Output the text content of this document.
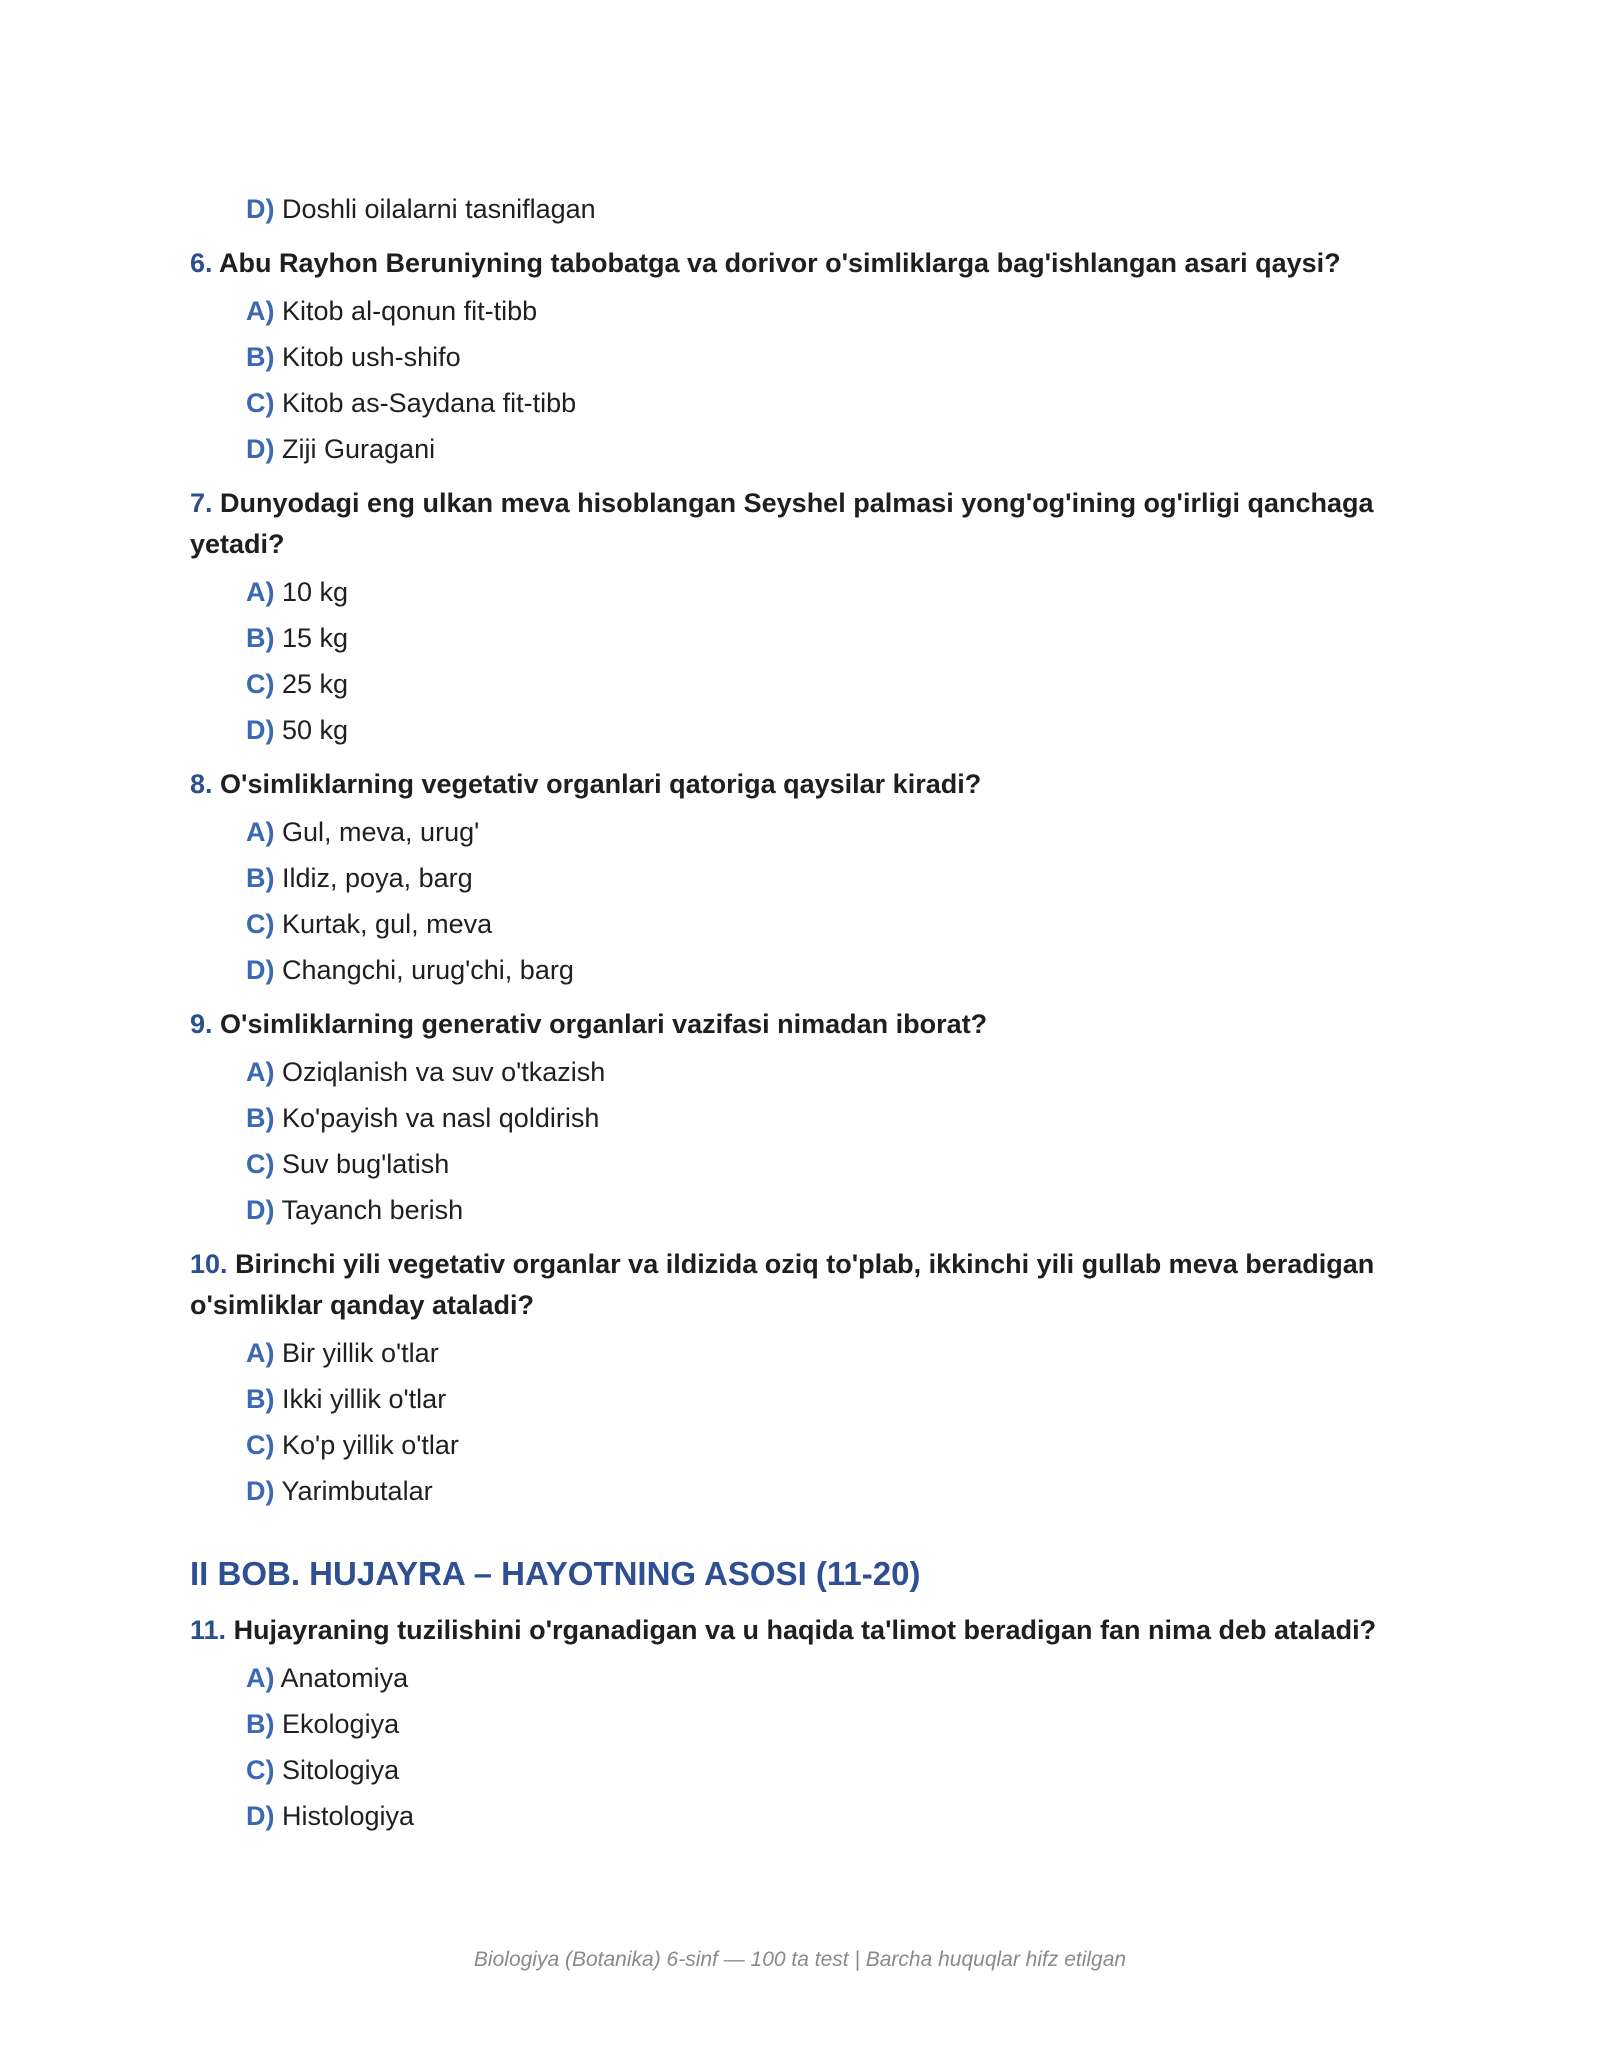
D) Doshli oilalarni tasniflagan
6. Abu Rayhon Beruniyning tabobatga va dorivor o'simliklarga bag'ishlangan asari qaysi?
A) Kitob al-qonun fit-tibb
B) Kitob ush-shifo
C) Kitob as-Saydana fit-tibb
D) Ziji Guragani
7. Dunyodagi eng ulkan meva hisoblangan Seyshel palmasi yong'og'ining og'irligi qanchaga yetadi?
A) 10 kg
B) 15 kg
C) 25 kg
D) 50 kg
8. O'simliklarning vegetativ organlari qatoriga qaysilar kiradi?
A) Gul, meva, urug'
B) Ildiz, poya, barg
C) Kurtak, gul, meva
D) Changchi, urug'chi, barg
9. O'simliklarning generativ organlari vazifasi nimadan iborat?
A) Oziqlanish va suv o'tkazish
B) Ko'payish va nasl qoldirish
C) Suv bug'latish
D) Tayanch berish
10. Birinchi yili vegetativ organlar va ildizida oziq to'plab, ikkinchi yili gullab meva beradigan o'simliklar qanday ataladi?
A) Bir yillik o'tlar
B) Ikki yillik o'tlar
C) Ko'p yillik o'tlar
D) Yarimbutalar
II BOB. HUJAYRA – HAYOTNING ASOSI (11-20)
11. Hujayraning tuzilishini o'rganadigan va u haqida ta'limot beradigan fan nima deb ataladi?
A) Anatomiya
B) Ekologiya
C) Sitologiya
D) Histologiya
Biologiya (Botanika) 6-sinf — 100 ta test | Barcha huquqlar hifz etilgan
